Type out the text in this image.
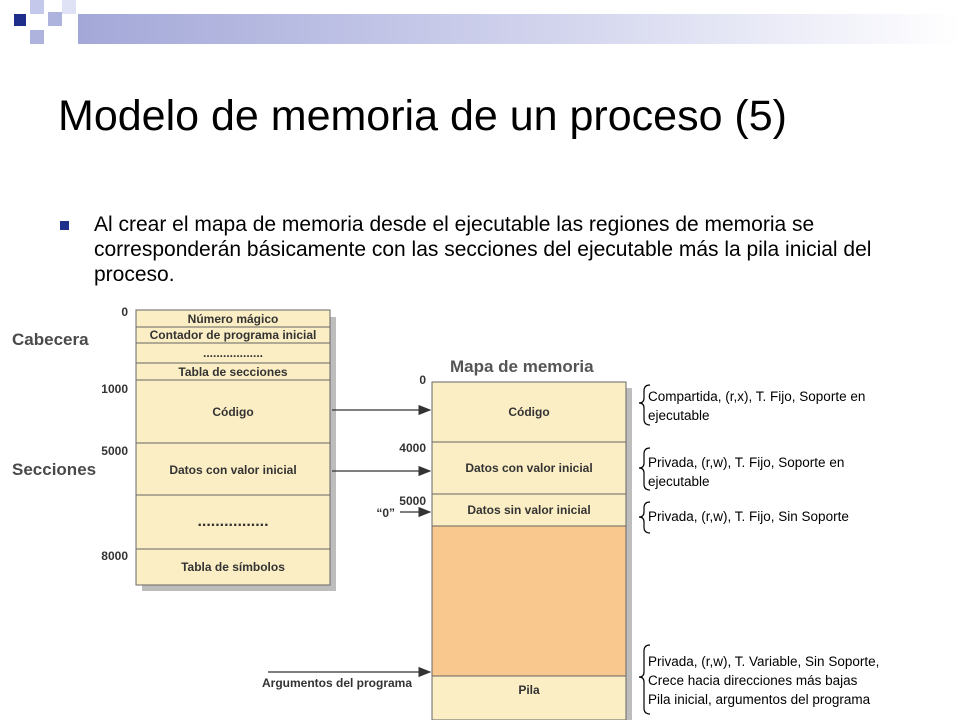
Modelo de memoria de un proceso (5)
Al crear el mapa de memoria desde el ejecutable las regiones de memoria se corresponderán básicamente con las secciones del ejecutable más la pila inicial del proceso.
Número mágico
Contador de programa inicial
..................
Tabla de secciones
Código
Datos con valor inicial
................
Tabla de símbolos
0
1000
5000
8000
Cabecera
Secciones
Mapa de memoria
Código
Datos con valor inicial
Datos sin valor inicial
Pila
0
4000
5000
“0”
Argumentos del programa
Compartida, (r,x), T. Fijo, Soporte en
ejecutable
Privada, (r,w), T. Fijo, Soporte en
ejecutable
Privada, (r,w), T. Fijo, Sin Soporte
Privada, (r,w), T. Variable, Sin Soporte,
Crece hacia direcciones más bajas
Pila inicial, argumentos del programa
